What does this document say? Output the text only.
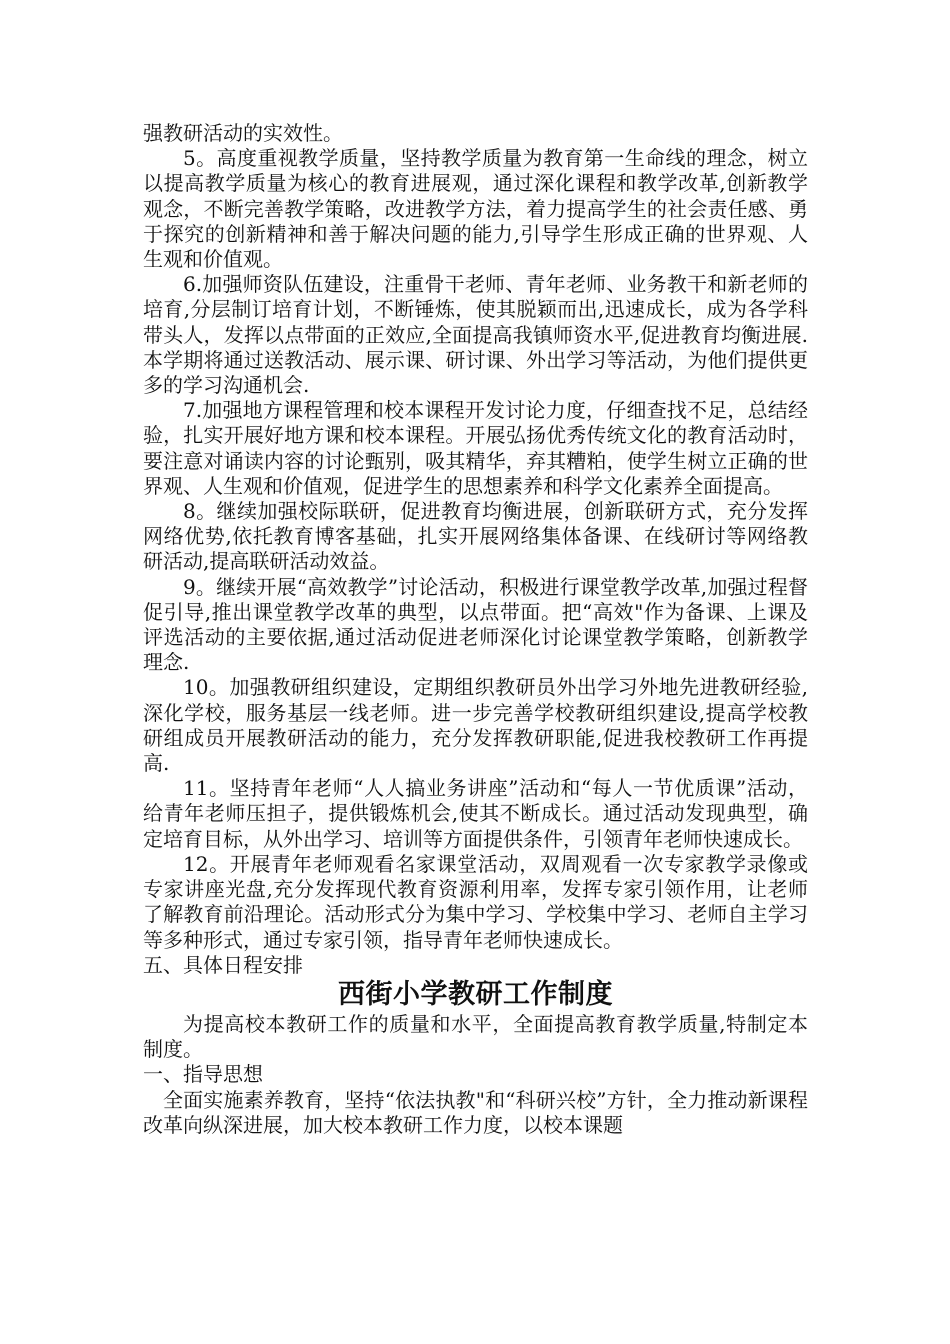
强教研活动的实效性。

5。高度重视教学质量，坚持教学质量为教育第一生命线的理念，树立以提高教学质量为核心的教育进展观，通过深化课程和教学改革,创新教学观念，不断完善教学策略，改进教学方法，着力提高学生的社会责任感、勇于探究的创新精神和善于解决问题的能力,引导学生形成正确的世界观、人生观和价值观。

6.加强师资队伍建设，注重骨干老师、青年老师、业务教干和新老师的培育,分层制订培育计划，不断锤炼，使其脱颖而出,迅速成长，成为各学科带头人，发挥以点带面的正效应,全面提高我镇师资水平,促进教育均衡进展.本学期将通过送教活动、展示课、研讨课、外出学习等活动，为他们提供更多的学习沟通机会.

7.加强地方课程管理和校本课程开发讨论力度，仔细查找不足，总结经验，扎实开展好地方课和校本课程。开展弘扬优秀传统文化的教育活动时，要注意对诵读内容的讨论甄别，吸其精华，弃其糟粕，使学生树立正确的世界观、人生观和价值观，促进学生的思想素养和科学文化素养全面提高。

8。继续加强校际联研，促进教育均衡进展，创新联研方式，充分发挥网络优势,依托教育博客基础，扎实开展网络集体备课、在线研讨等网络教研活动,提高联研活动效益。

9。继续开展“高效教学”讨论活动，积极进行课堂教学改革,加强过程督促引导,推出课堂教学改革的典型，以点带面。把“高效"作为备课、上课及评选活动的主要依据,通过活动促进老师深化讨论课堂教学策略，创新教学理念.

10。加强教研组织建设，定期组织教研员外出学习外地先进教研经验,深化学校，服务基层一线老师。进一步完善学校教研组织建设,提高学校教研组成员开展教研活动的能力，充分发挥教研职能,促进我校教研工作再提高.

11。坚持青年老师“人人搞业务讲座”活动和“每人一节优质课”活动，给青年老师压担子，提供锻炼机会,使其不断成长。通过活动发现典型，确定培育目标，从外出学习、培训等方面提供条件，引领青年老师快速成长。

12。开展青年老师观看名家课堂活动，双周观看一次专家教学录像或专家讲座光盘,充分发挥现代教育资源利用率，发挥专家引领作用，让老师了解教育前沿理论。活动形式分为集中学习、学校集中学习、老师自主学习等多种形式，通过专家引领，指导青年老师快速成长。

五、具体日程安排

西街小学教研工作制度

为提高校本教研工作的质量和水平，全面提高教育教学质量,特制定本制度。

一、指导思想

全面实施素养教育，坚持“依法执教"和“科研兴校”方针，全力推动新课程改革向纵深进展，加大校本教研工作力度，以校本课题
